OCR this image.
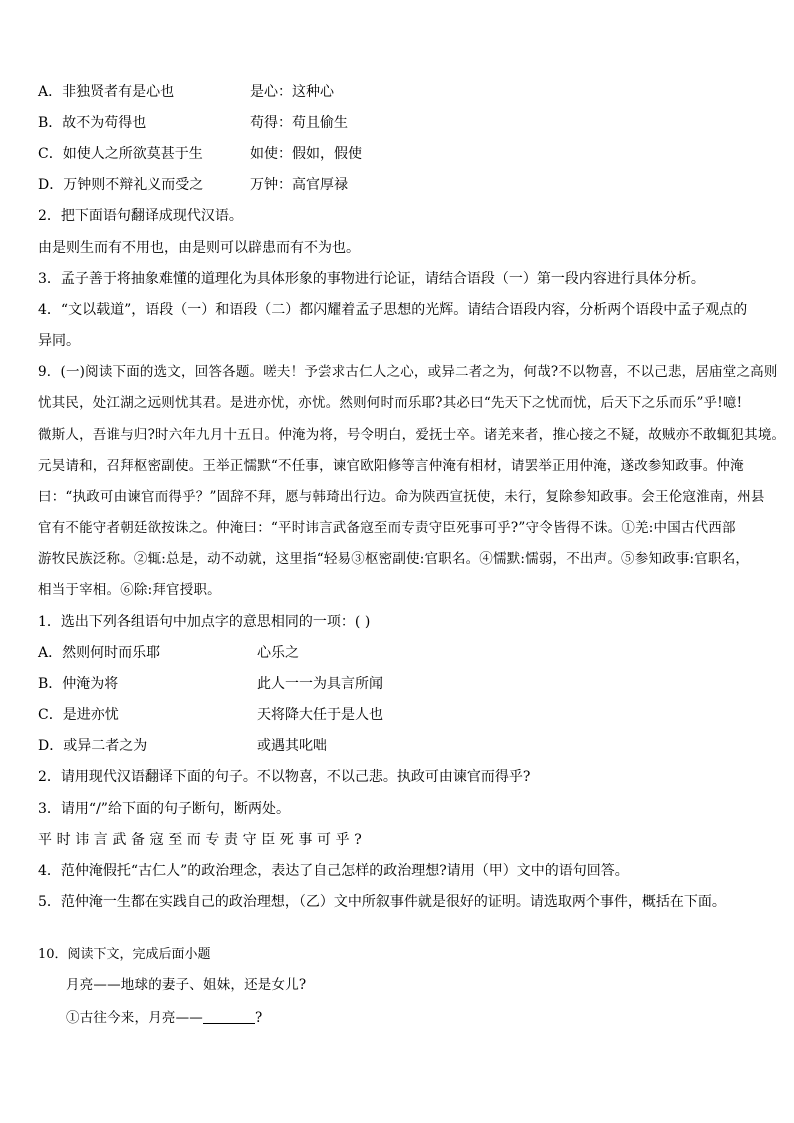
A．非独贤者有是心也	是心：这种心
B．故不为苟得也	苟得：苟且偷生
C．如使人之所欲莫甚于生	如使：假如，假使
D．万钟则不辩礼义而受之	万钟：高官厚禄
2．把下面语句翻译成现代汉语。
由是则生而有不用也，由是则可以辟患而有不为也。
3．孟子善于将抽象难懂的道理化为具体形象的事物进行论证，请结合语段（一）第一段内容进行具体分析。
4．“文以载道”，语段（一）和语段（二）都闪耀着孟子思想的光辉。请结合语段内容，分析两个语段中孟子观点的
异同。
9．(一)阅读下面的选文，回答各题。嗟夫！予尝求古仁人之心，或异二者之为，何哉?不以物喜，不以己悲，居庙堂之高则
忧其民，处江湖之远则忧其君。是进亦忧，亦忧。然则何时而乐耶?其必曰“先天下之忧而忧，后天下之乐而乐”乎!噫!
微斯人，吾谁与归?时六年九月十五日。仲淹为将，号令明白，爱抚士卒。诸羌来者，推心接之不疑，故贼亦不敢辄犯其境。
元昊请和，召拜枢密副使。王举正懦默“不任事，谏官欧阳修等言仲淹有相材，请罢举正用仲淹，遂改参知政事。仲淹
曰：“执政可由谏官而得乎？”固辞不拜，愿与韩琦出行边。命为陕西宣抚使，未行，复除参知政事。会王伦寇淮南，州县
官有不能守者朝廷欲按诛之。仲淹曰：“平时讳言武备寇至而专责守臣死事可乎?”守令皆得不诛。①羌:中国古代西部
游牧民族泛称。②辄:总是，动不动就，这里指“轻易③枢密副使:官职名。④懦默:懦弱，不出声。⑤参知政事:官职名，
相当于宰相。⑥除:拜官授职。
1．选出下列各组语句中加点字的意思相同的一项：( )
A．然则何时而乐耶	心乐之
B．仲淹为将	此人一一为具言所闻
C．是进亦忧	天将降大任于是人也
D．或异二者之为	或遇其叱咄
2．请用现代汉语翻译下面的句子。不以物喜，不以己悲。执政可由谏官而得乎?
3．请用“/”给下面的句子断句，断两处。
平时讳言武备寇至而专责守臣死事可乎?
4．范仲淹假托“古仁人”的政治理念，表达了自己怎样的政治理想?请用（甲）文中的语句回答。
5．范仲淹一生都在实践自己的政治理想，（乙）文中所叙事件就是很好的证明。请选取两个事件，概括在下面。
10．阅读下文，完成后面小题
月亮——地球的妻子、姐妹，还是女儿?
①古往今来，月亮——	?
